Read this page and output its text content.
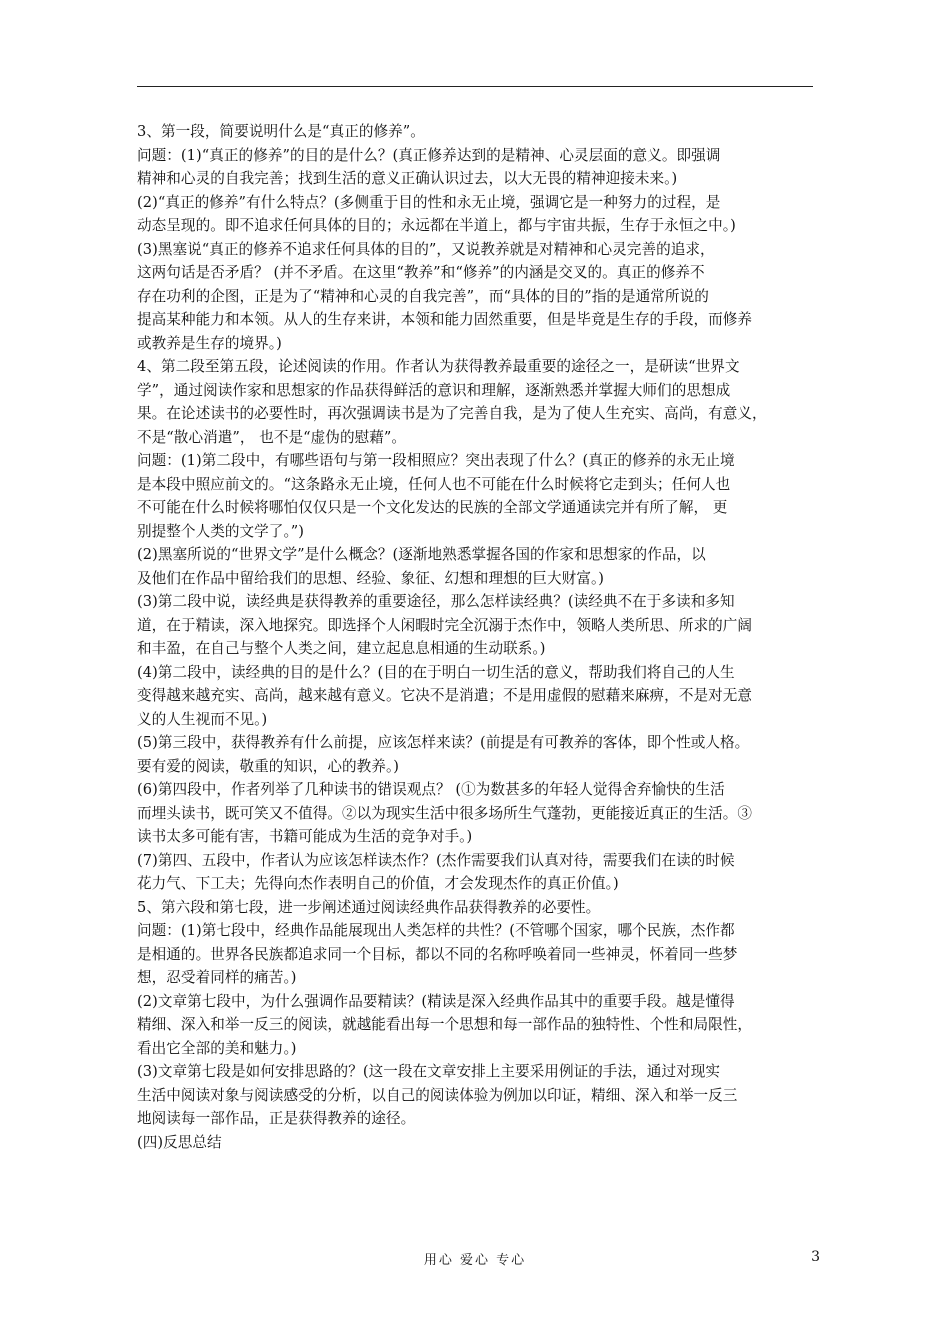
3、第一段，简要说明什么是“真正的修养”。
问题：(1)“真正的修养”的目的是什么？(真正修养达到的是精神、心灵层面的意义。即强调
精神和心灵的自我完善；找到生活的意义正确认识过去，以大无畏的精神迎接未来。)
(2)“真正的修养”有什么特点？(多侧重于目的性和永无止境，强调它是一种努力的过程，是
动态呈现的。即不追求任何具体的目的；永远都在半道上，都与宇宙共振，生存于永恒之中。)
(3)黑塞说“真正的修养不追求任何具体的目的”，又说教养就是对精神和心灵完善的追求，
这两句话是否矛盾？ (并不矛盾。在这里“教养”和“修养”的内涵是交叉的。真正的修养不
存在功利的企图，正是为了“精神和心灵的自我完善”，而“具体的目的”指的是通常所说的
提高某种能力和本领。从人的生存来讲，本领和能力固然重要，但是毕竟是生存的手段，而修养
或教养是生存的境界。)
4、第二段至第五段，论述阅读的作用。作者认为获得教养最重要的途径之一，是研读“世界文
学”，通过阅读作家和思想家的作品获得鲜活的意识和理解，逐渐熟悉并掌握大师们的思想成
果。在论述读书的必要性时，再次强调读书是为了完善自我，是为了使人生充实、高尚，有意义，
不是“散心消遣”， 也不是“虚伪的慰藉”。
问题：(1)第二段中，有哪些语句与第一段相照应？突出表现了什么？(真正的修养的永无止境
是本段中照应前文的。“这条路永无止境，任何人也不可能在什么时候将它走到头；任何人也
不可能在什么时候将哪怕仅仅只是一个文化发达的民族的全部文学通通读完并有所了解， 更
别提整个人类的文学了。”)
(2)黑塞所说的“世界文学”是什么概念？(逐渐地熟悉掌握各国的作家和思想家的作品，以
及他们在作品中留给我们的思想、经验、象征、幻想和理想的巨大财富。)
(3)第二段中说，读经典是获得教养的重要途径，那么怎样读经典？(读经典不在于多读和多知
道，在于精读，深入地探究。即选择个人闲暇时完全沉溺于杰作中，领略人类所思、所求的广阔
和丰盈，在自己与整个人类之间，建立起息息相通的生动联系。)
(4)第二段中，读经典的目的是什么？(目的在于明白一切生活的意义，帮助我们将自己的人生
变得越来越充实、高尚，越来越有意义。它决不是消遣；不是用虚假的慰藉来麻痹，不是对无意
义的人生视而不见。)
(5)第三段中，获得教养有什么前提，应该怎样来读？(前提是有可教养的客体，即个性或人格。
要有爱的阅读，敬重的知识，心的教养。)
(6)第四段中，作者列举了几种读书的错误观点？ (①为数甚多的年轻人觉得舍弃愉快的生活
而埋头读书，既可笑又不值得。②以为现实生活中很多场所生气蓬勃，更能接近真正的生活。③
读书太多可能有害，书籍可能成为生活的竞争对手。)
(7)第四、五段中，作者认为应该怎样读杰作？(杰作需要我们认真对待，需要我们在读的时候
花力气、下工夫；先得向杰作表明自己的价值，才会发现杰作的真正价值。)
5、第六段和第七段，进一步阐述通过阅读经典作品获得教养的必要性。
问题：(1)第七段中，经典作品能展现出人类怎样的共性？(不管哪个国家，哪个民族，杰作都
是相通的。世界各民族都追求同一个目标，都以不同的名称呼唤着同一些神灵，怀着同一些梦
想，忍受着同样的痛苦。)
(2)文章第七段中，为什么强调作品要精读？(精读是深入经典作品其中的重要手段。越是懂得
精细、深入和举一反三的阅读，就越能看出每一个思想和每一部作品的独特性、个性和局限性，
看出它全部的美和魅力。)
(3)文章第七段是如何安排思路的？(这一段在文章安排上主要采用例证的手法，通过对现实
生活中阅读对象与阅读感受的分析，以自己的阅读体验为例加以印证，精细、深入和举一反三
地阅读每一部作品，正是获得教养的途径。
(四)反思总结
用心 爱心 专心	3
